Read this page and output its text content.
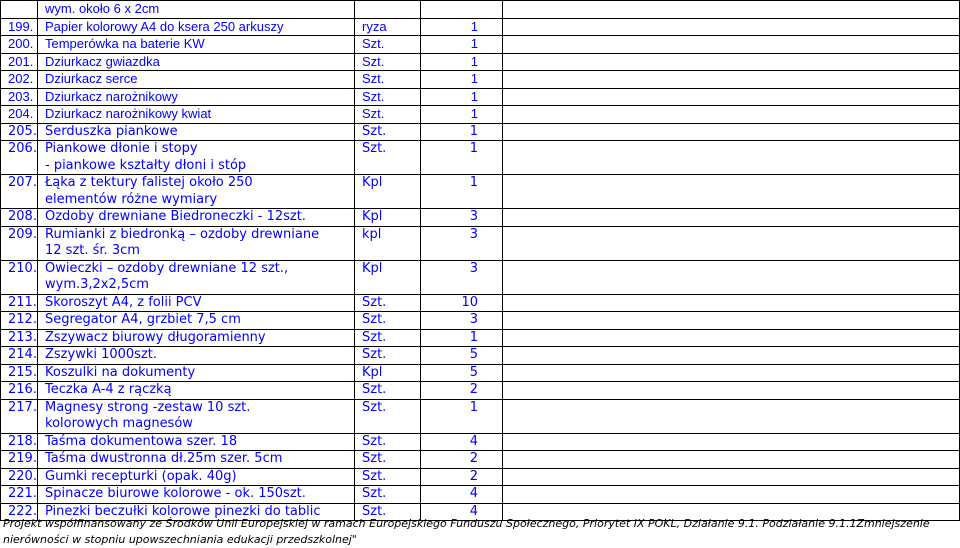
	wym. około 6 x 2cm			

199.	Papier kolorowy A4 do ksera 250 arkuszy	ryza	1	
200.	Temperówka na baterie KW	Szt.	1	
201.	Dziurkacz gwiazdka	Szt.	1	
202.	Dziurkacz serce	Szt.	1	
203.	Dziurkacz narożnikowy	Szt.	1	
204.	Dziurkacz narożnikowy kwiat	Szt.	1	
205.	Serduszka piankowe	Szt.	1	
206.	Piankowe dłonie i stopy
- piankowe kształty dłoni i stóp	Szt.	1	
207.	Łąka z tektury falistej około 250
elementów różne wymiary	Kpl	1	
208.	Ozdoby drewniane Biedroneczki - 12szt.	Kpl	3	
209.	Rumianki z biedronką – ozdoby drewniane
12 szt. śr. 3cm	kpl	3	
210.	Owieczki – ozdoby drewniane 12 szt.,
wym.3,2x2,5cm	Kpl	3	
211.	Skoroszyt A4, z folii PCV	Szt.	10	
212.	Segregator A4, grzbiet 7,5 cm	Szt.	3	
213.	Zszywacz biurowy długoramienny	Szt.	1	
214.	Zszywki 1000szt.	Szt.	5	
215.	Koszulki na dokumenty	Kpl	5	
216.	Teczka A-4 z rączką	Szt.	2	
217.	Magnesy strong -zestaw 10 szt.
kolorowych magnesów	Szt.	1	
218.	Taśma dokumentowa szer. 18	Szt.	4	
219.	Taśma dwustronna dł.25m szer. 5cm	Szt.	2	
220.	Gumki recepturki (opak. 40g)	Szt.	2	
221.	Spinacze biurowe kolorowe - ok. 150szt.	Szt.	4	
222.	Pinezki beczułki kolorowe pinezki do tablic	Szt.	4	
Projekt współfinansowany ze Środków Unii Europejskiej w ramach Europejskiego Funduszu Społecznego, Priorytet IX POKL, Działanie 9.1. Podziałanie 9.1.1Zmniejszenie
nierówności w stopniu upowszechniania edukacji przedszkolnej"
